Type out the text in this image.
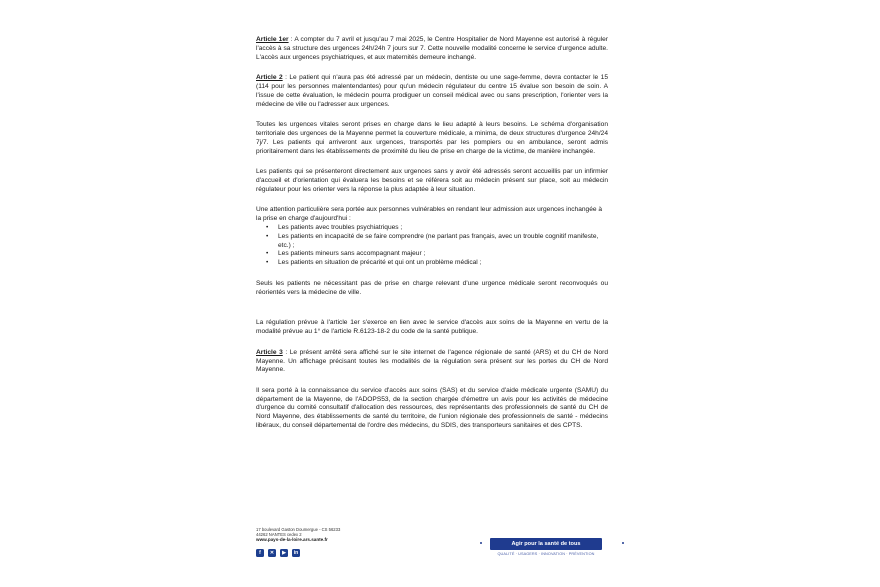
Article 1er : A compter du 7 avril et jusqu'au 7 mai 2025, le Centre Hospitalier de Nord Mayenne est autorisé à réguler l'accès à sa structure des urgences 24h/24h 7 jours sur 7. Cette nouvelle modalité concerne le service d'urgence adulte. L'accès aux urgences psychiatriques, et aux maternités demeure inchangé.

Article 2 : Le patient qui n'aura pas été adressé par un médecin, dentiste ou une sage-femme, devra contacter le 15 (114 pour les personnes malentendantes) pour qu'un médecin régulateur du centre 15 évalue son besoin de soin. A l'issue de cette évaluation, le médecin pourra prodiguer un conseil médical avec ou sans prescription, l'orienter vers la médecine de ville ou l'adresser aux urgences.

Toutes les urgences vitales seront prises en charge dans le lieu adapté à leurs besoins. Le schéma d'organisation territoriale des urgences de la Mayenne permet la couverture médicale, a minima, de deux structures d'urgence 24h/24 7j/7. Les patients qui arriveront aux urgences, transportés par les pompiers ou en ambulance, seront admis prioritairement dans les établissements de proximité du lieu de prise en charge de la victime, de manière inchangée.

Les patients qui se présenteront directement aux urgences sans y avoir été adressés seront accueillis par un infirmier d'accueil et d'orientation qui évaluera les besoins et se référera soit au médecin présent sur place, soit au médecin régulateur pour les orienter vers la réponse la plus adaptée à leur situation.

Une attention particulière sera portée aux personnes vulnérables en rendant leur admission aux urgences inchangée à la prise en charge d'aujourd'hui :

• Les patients avec troubles psychiatriques ;
• Les patients en incapacité de se faire comprendre (ne parlant pas français, avec un trouble cognitif manifeste, etc.) ;
• Les patients mineurs sans accompagnant majeur ;
• Les patients en situation de précarité et qui ont un problème médical ;

Seuls les patients ne nécessitant pas de prise en charge relevant d'une urgence médicale seront reconvoqués ou réorientés vers la médecine de ville.

La régulation prévue à l'article 1er s'exerce en lien avec le service d'accès aux soins de la Mayenne en vertu de la modalité prévue au 1° de l'article R.6123-18-2 du code de la santé publique.

Article 3 : Le présent arrêté sera affiché sur le site internet de l'agence régionale de santé (ARS) et du CH de Nord Mayenne. Un affichage précisant toutes les modalités de la régulation sera présent sur les portes du CH de Nord Mayenne.

Il sera porté à la connaissance du service d'accès aux soins (SAS) et du service d'aide médicale urgente (SAMU) du département de la Mayenne, de l'ADOPS53, de la section chargée d'émettre un avis pour les activités de médecine d'urgence du comité consultatif d'allocation des ressources, des représentants des professionnels de santé du CH de Nord Mayenne, des établissements de santé du territoire, de l'union régionale des professionnels de santé - médecins libéraux, du conseil départemental de l'ordre des médecins, du SDIS, des transporteurs sanitaires et des CPTS.

17 boulevard Gaston Doumergue - CS 56233
44262 NANTES cedex 2
www.pays-de-la-loire.ars.sante.fr
f	✕	▶	in
Agir pour la santé de tous
QUALITÉ · USAGERS · INNOVATION · PRÉVENTION
